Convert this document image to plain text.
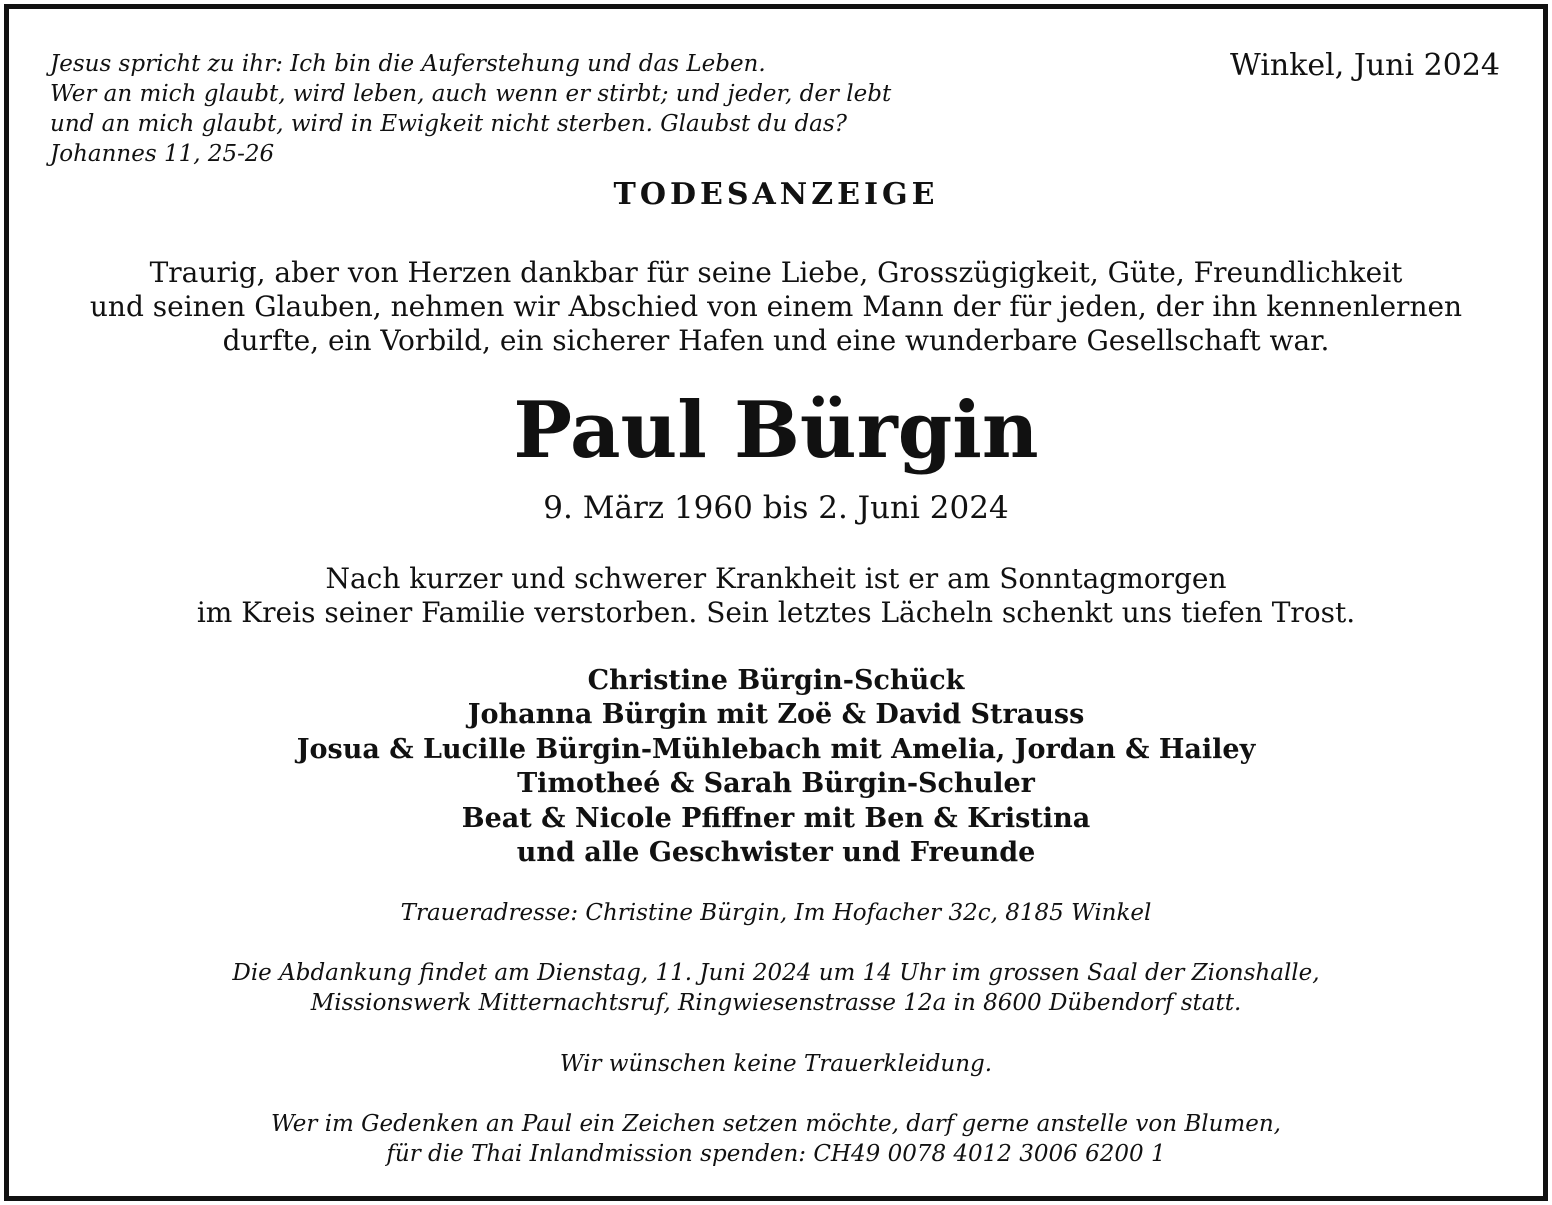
Jesus spricht zu ihr: Ich bin die Auferstehung und das Leben.
Wer an mich glaubt, wird leben, auch wenn er stirbt; und jeder, der lebt
und an mich glaubt, wird in Ewigkeit nicht sterben. Glaubst du das?
Johannes 11, 25-26
Winkel, Juni 2024
TODESANZEIGE
Traurig, aber von Herzen dankbar für seine Liebe, Grosszügigkeit, Güte, Freundlichkeit
und seinen Glauben, nehmen wir Abschied von einem Mann der für jeden, der ihn kennenlernen
durfte, ein Vorbild, ein sicherer Hafen und eine wunderbare Gesellschaft war.
Paul Bürgin
9. März 1960 bis 2. Juni 2024
Nach kurzer und schwerer Krankheit ist er am Sonntagmorgen
im Kreis seiner Familie verstorben. Sein letztes Lächeln schenkt uns tiefen Trost.
Christine Bürgin-Schück
Johanna Bürgin mit Zoë & David Strauss
Josua & Lucille Bürgin-Mühlebach mit Amelia, Jordan & Hailey
Timotheé & Sarah Bürgin-Schuler
Beat & Nicole Pfiffner mit Ben & Kristina
und alle Geschwister und Freunde
Traueradresse: Christine Bürgin, Im Hofacher 32c, 8185 Winkel
Die Abdankung findet am Dienstag, 11. Juni 2024 um 14 Uhr im grossen Saal der Zionshalle,
Missionswerk Mitternachtsruf, Ringwiesenstrasse 12a in 8600 Dübendorf statt.
Wir wünschen keine Trauerkleidung.
Wer im Gedenken an Paul ein Zeichen setzen möchte, darf gerne anstelle von Blumen,
für die Thai Inlandmission spenden: CH49 0078 4012 3006 6200 1
